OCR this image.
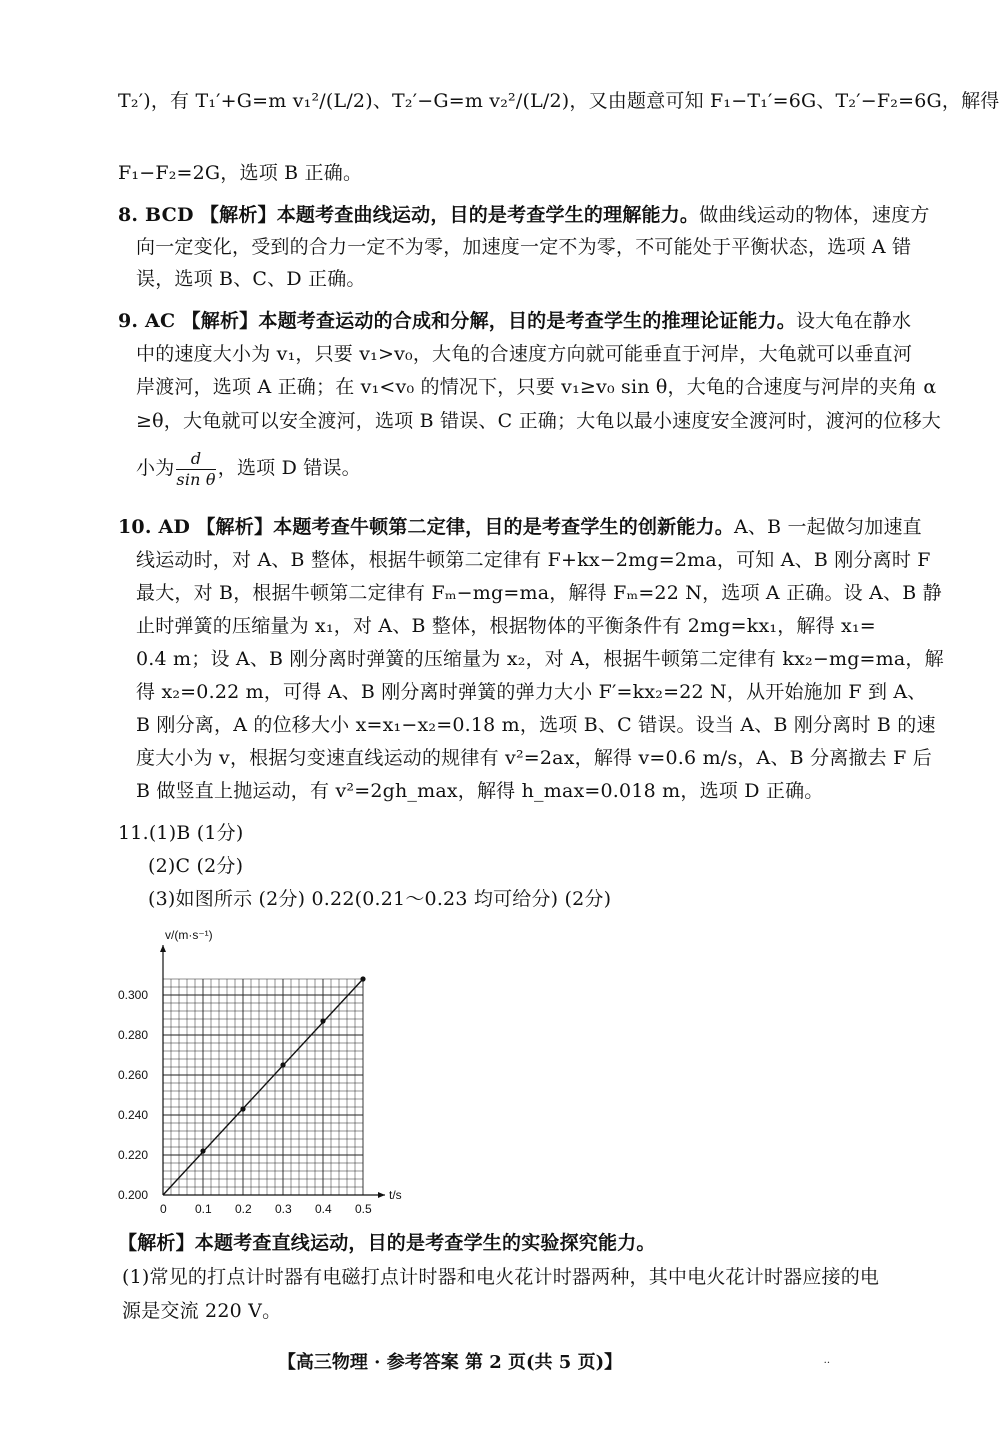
T₂′)，有 T₁′+G=m v₁²/(L/2)、T₂′−G=m v₂²/(L/2)，又由题意可知 F₁−T₁′=6G、T₂′−F₂=6G，解得
F₁−F₂=2G，选项 B 正确。
8. BCD 【解析】本题考查曲线运动，目的是考查学生的理解能力。做曲线运动的物体，速度方
向一定变化，受到的合力一定不为零，加速度一定不为零，不可能处于平衡状态，选项 A 错
误，选项 B、C、D 正确。
9. AC 【解析】本题考查运动的合成和分解，目的是考查学生的推理论证能力。设大龟在静水
中的速度大小为 v₁，只要 v₁>v₀，大龟的合速度方向就可能垂直于河岸，大龟就可以垂直河
岸渡河，选项 A 正确；在 v₁<v₀ 的情况下，只要 v₁≥v₀ sin θ，大龟的合速度与河岸的夹角 α
≥θ，大龟就可以安全渡河，选项 B 错误、C 正确；大龟以最小速度安全渡河时，渡河的位移大
小为 $\frac{d}{\text{sin θ}}$ ，选项 D 错误。
10. AD 【解析】本题考查牛顿第二定律，目的是考查学生的创新能力。A、B 一起做匀加速直
线运动时，对 A、B 整体，根据牛顿第二定律有 F+kx−2mg=2ma，可知 A、B 刚分离时 F
最大，对 B，根据牛顿第二定律有 Fₘ−mg=ma，解得 Fₘ=22 N，选项 A 正确。设 A、B 静
止时弹簧的压缩量为 x₁，对 A、B 整体，根据物体的平衡条件有 2mg=kx₁，解得 x₁=
0.4 m；设 A、B 刚分离时弹簧的压缩量为 x₂，对 A，根据牛顿第二定律有 kx₂−mg=ma，解
得 x₂=0.22 m，可得 A、B 刚分离时弹簧的弹力大小 F′=kx₂=22 N，从开始施加 F 到 A、
B 刚分离，A 的位移大小 x=x₁−x₂=0.18 m，选项 B、C 错误。设当 A、B 刚分离时 B 的速
度大小为 v，根据匀变速直线运动的规律有 v²=2ax，解得 v=0.6 m/s，A、B 分离撤去 F 后
B 做竖直上抛运动，有 v²=2gh_max，解得 h_max=0.018 m，选项 D 正确。
11.(1)B (1分)
(2)C (2分)
(3)如图所示 (2分) 0.22(0.21～0.23 均可给分) (2分)
t/s
v/(m·s⁻¹)
0 0.1 0.2 0.3 0.4 0.5
0.200
0.220
0.240
0.260
0.280
0.300
【解析】本题考查直线运动，目的是考查学生的实验探究能力。
(1)常见的打点计时器有电磁打点计时器和电火花计时器两种，其中电火花计时器应接的电
源是交流 220 V。
【高三物理 · 参考答案 第 2 页(共 5 页)】	..
